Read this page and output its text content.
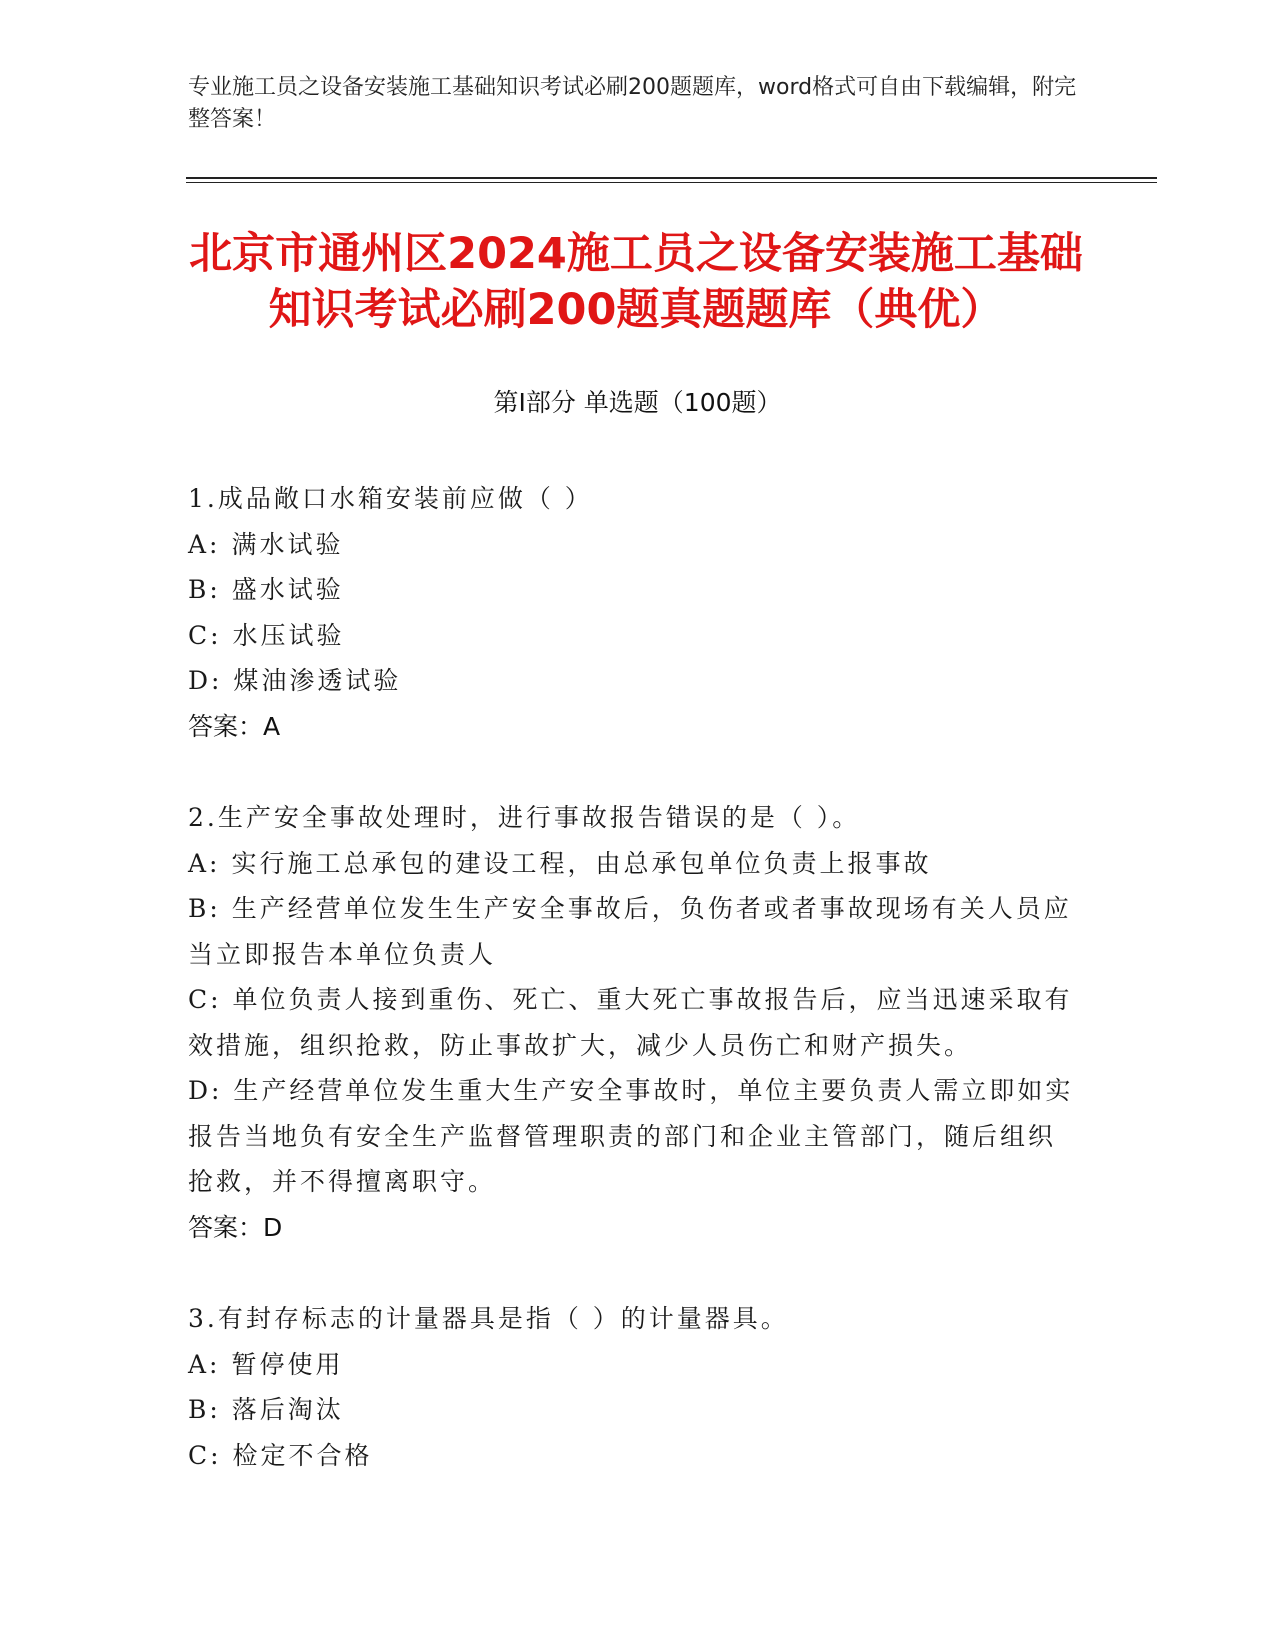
专业施工员之设备安装施工基础知识考试必刷200题题库，word格式可自由下载编辑，附完整答案！
北京市通州区2024施工员之设备安装施工基础知识考试必刷200题真题题库（典优）
第Ⅰ部分 单选题（100题）
1.成品敞口水箱安装前应做（ ）
A: 满水试验
B: 盛水试验
C: 水压试验
D: 煤油渗透试验
答案：A
2.生产安全事故处理时，进行事故报告错误的是（ ）。
A: 实行施工总承包的建设工程，由总承包单位负责上报事故
B: 生产经营单位发生生产安全事故后，负伤者或者事故现场有关人员应当立即报告本单位负责人
C: 单位负责人接到重伤、死亡、重大死亡事故报告后，应当迅速采取有效措施，组织抢救，防止事故扩大，减少人员伤亡和财产损失。
D: 生产经营单位发生重大生产安全事故时，单位主要负责人需立即如实报告当地负有安全生产监督管理职责的部门和企业主管部门，随后组织抢救，并不得擅离职守。
答案：D
3.有封存标志的计量器具是指（ ）的计量器具。
A: 暂停使用
B: 落后淘汰
C: 检定不合格
